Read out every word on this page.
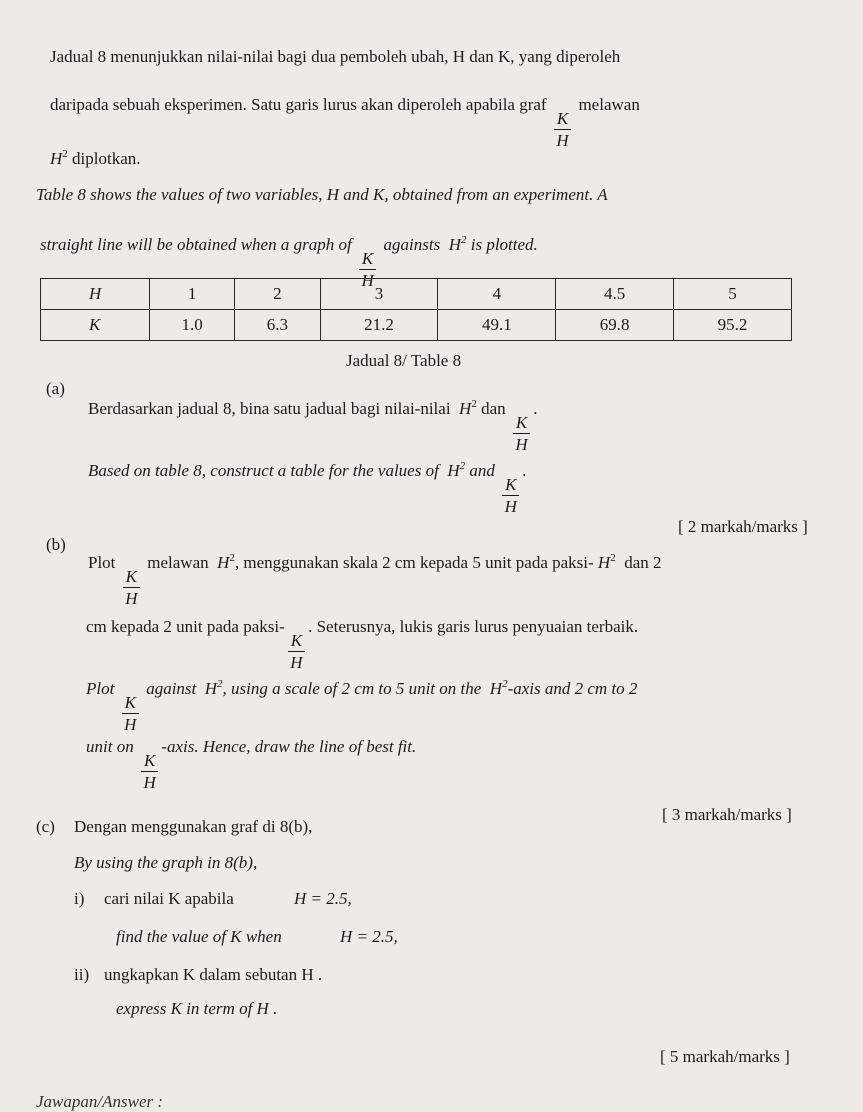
Jadual 8 menunjukkan nilai-nilai bagi dua pemboleh ubah, H dan K, yang diperoleh
daripada sebuah eksperimen. Satu garis lurus akan diperoleh apabila graf
$\frac{K}{H}$
melawan
$H^2$ diplotkan.
Table 8 shows the values of two variables, H and K, obtained from an experiment. A
straight line will be obtained when a graph of
$\frac{K}{H}$
againsts $H^2$ is plotted.
H	1	2	3	4	4.5	5
K	1.0	6.3	21.2	49.1	69.8	95.2
Jadual 8/ Table 8
(a)
Berdasarkan jadual 8, bina satu jadual bagi nilai-nilai $H^2$ dan
$\frac{K}{H}$
.
Based on table 8, construct a table for the values of $H^2$ and
$\frac{K}{H}$
.
[ 2 markah/marks ]
(b)
Plot
$\frac{K}{H}$
melawan $H^2$, menggunakan skala 2 cm kepada 5 unit pada paksi- $H^2$ dan 2
cm kepada 2 unit pada paksi-
$\frac{K}{H}$
. Seterusnya, lukis garis lurus penyuaian terbaik.
Plot
$\frac{K}{H}$
against $H^2$, using a scale of 2 cm to 5 unit on the $H^2$-axis and 2 cm to 2
unit on
$\frac{K}{H}$
-axis. Hence, draw the line of best fit.
[ 3 markah/marks ]
(c) Dengan menggunakan graf di 8(b),
By using the graph in 8(b),
i) cari nilai K apabila	H = 2.5,
find the value of K when	H = 2.5,
ii) ungkapkan K dalam sebutan H .
express K in term of H .
[ 5 markah/marks ]
Jawapan/Answer :
